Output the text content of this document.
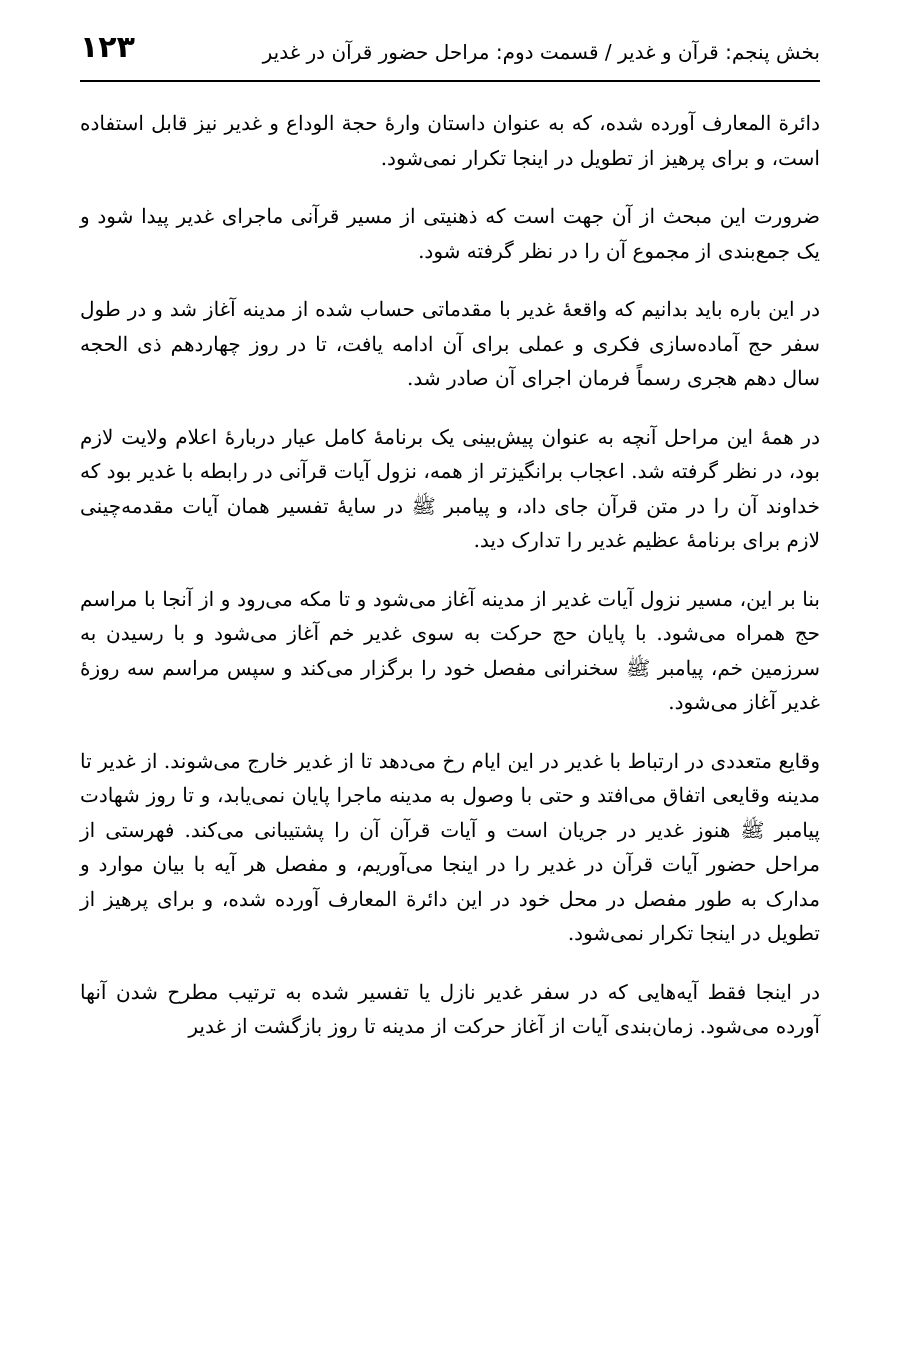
بخش پنجم: قرآن و غدیر / قسمت دوم: مراحل حضور قرآن در غدیر
۱۲۳

دائرة المعارف آورده شده، که به عنوان داستان وارۀ حجة الوداع و غدیر نیز قابل استفاده است، و برای پرهیز از تطویل در اینجا تکرار نمی‌شود.

ضرورت این مبحث از آن جهت است که ذهنیتی از مسیر قرآنی ماجرای غدیر پیدا شود و یک جمع‌بندی از مجموع آن را در نظر گرفته شود.

در این باره باید بدانیم که واقعۀ غدیر با مقدماتی حساب شده از مدینه آغاز شد و در طول سفر حج آماده‌سازی فکری و عملی برای آن ادامه یافت، تا در روز چهاردهم ذی الحجه سال دهم هجری رسماً فرمان اجرای آن صادر شد.

در همۀ این مراحل آنچه به عنوان پیش‌بینی یک برنامۀ کامل عیار دربارۀ اعلام ولایت لازم بود، در نظر گرفته شد. اعجاب برانگیزتر از همه، نزول آیات قرآنی در رابطه با غدیر بود که خداوند آن را در متن قرآن جای داد، و پیامبر ﷺ در سایۀ تفسیر همان آیات مقدمه‌چینی لازم برای برنامۀ عظیم غدیر را تدارک دید.

بنا بر این، مسیر نزول آیات غدیر از مدینه آغاز می‌شود و تا مکه می‌رود و از آنجا با مراسم حج همراه می‌شود. با پایان حج حرکت به سوی غدیر خم آغاز می‌شود و با رسیدن به سرزمین خم، پیامبر ﷺ سخنرانی مفصل خود را برگزار می‌کند و سپس مراسم سه روزۀ غدیر آغاز می‌شود.

وقایع متعددی در ارتباط با غدیر در این ایام رخ می‌دهد تا از غدیر خارج می‌شوند. از غدیر تا مدینه وقایعی اتفاق می‌افتد و حتی با وصول به مدینه ماجرا پایان نمی‌یابد، و تا روز شهادت پیامبر ﷺ هنوز غدیر در جریان است و آیات قرآن آن را پشتیبانی می‌کند. فهرستی از مراحل حضور آیات قرآن در غدیر را در اینجا می‌آوریم، و مفصل هر آیه با بیان موارد و مدارک به طور مفصل در محل خود در این دائرة المعارف آورده شده، و برای پرهیز از تطویل در اینجا تکرار نمی‌شود.

در اینجا فقط آیه‌هایی که در سفر غدیر نازل یا تفسیر شده به ترتیب مطرح شدن آنها آورده می‌شود. زمان‌بندی آیات از آغاز حرکت از مدینه تا روز بازگشت از غدیر
